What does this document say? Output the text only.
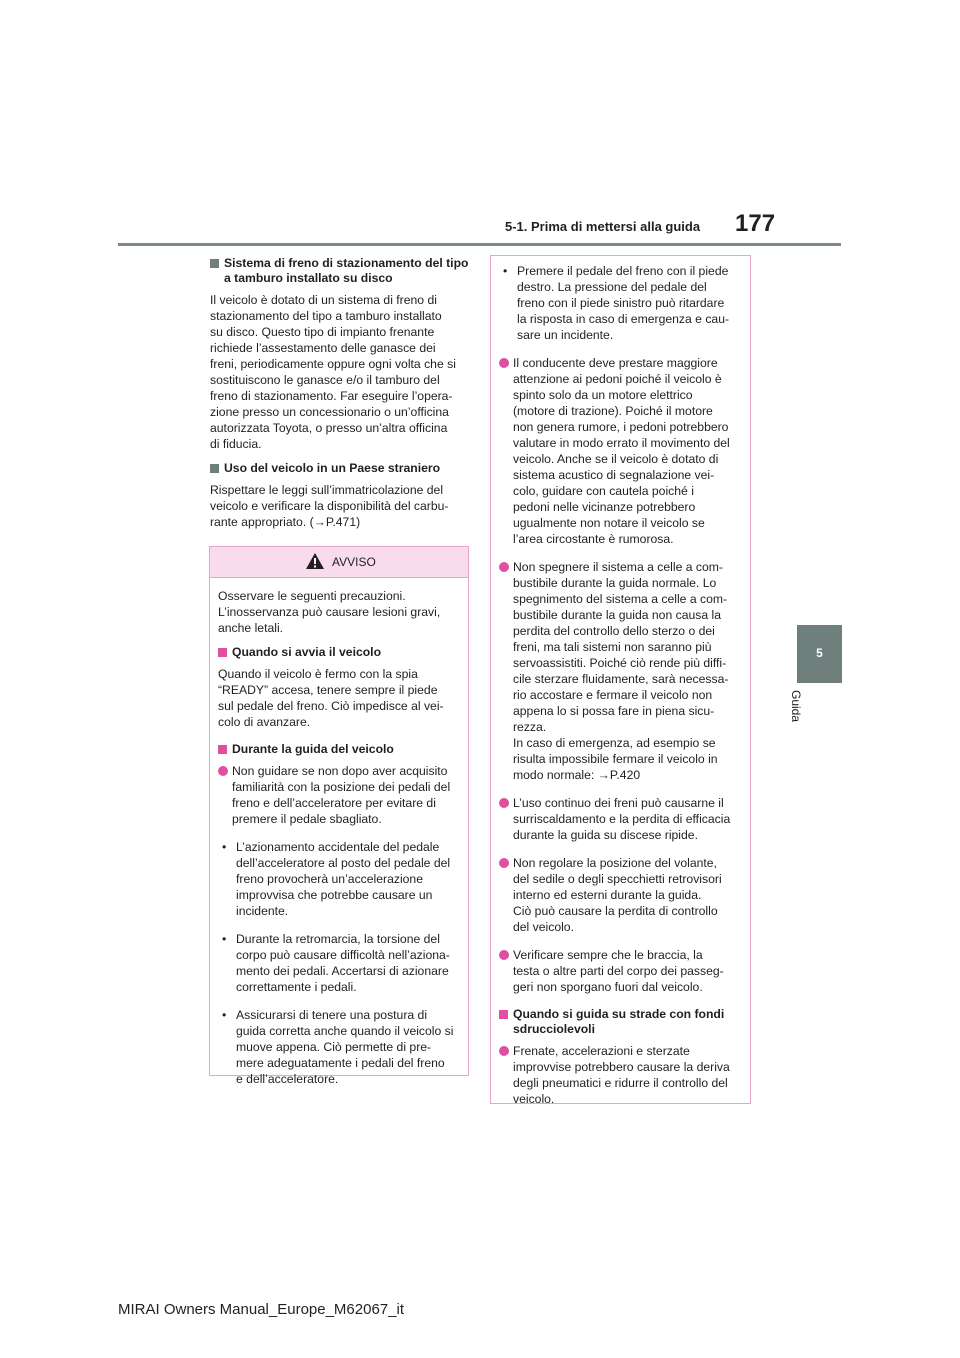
5-1. Prima di mettersi alla guida 177
5
Guida

Sistema di freno di stazionamento del tipo a tamburo installato su disco

Il veicolo è dotato di un sistema di freno di
stazionamento del tipo a tamburo installato
su disco. Questo tipo di impianto frenante
richiede l’assestamento delle ganasce dei
freni, periodicamente oppure ogni volta che si
sostituiscono le ganasce e/o il tamburo del
freno di stazionamento. Far eseguire l’opera-
zione presso un concessionario o un’officina
autorizzata Toyota, o presso un’altra officina
di fiducia.

Uso del veicolo in un Paese straniero

Rispettare le leggi sull’immatricolazione del
veicolo e verificare la disponibilità del carbu-
rante appropriato. (→P.471)
AVVISO
Osservare le seguenti precauzioni.
L’inosservanza può causare lesioni gravi,
anche letali.

Quando si avvia il veicolo

Quando il veicolo è fermo con la spia
“READY” accesa, tenere sempre il piede
sul pedale del freno. Ciò impedisce al vei-
colo di avanzare.

Durante la guida del veicolo

Non guidare se non dopo aver acquisito
familiarità con la posizione dei pedali del
freno e dell’acceleratore per evitare di
premere il pedale sbagliato.
• L’azionamento accidentale del pedale
dell’acceleratore al posto del pedale del
freno provocherà un’accelerazione
improvvisa che potrebbe causare un
incidente.
• Durante la retromarcia, la torsione del
corpo può causare difficoltà nell’aziona-
mento dei pedali. Accertarsi di azionare
correttamente i pedali.
• Assicurarsi di tenere una postura di
guida corretta anche quando il veicolo si
muove appena. Ciò permette di pre-
mere adeguatamente i pedali del freno
e dell’acceleratore.
• Premere il pedale del freno con il piede
destro. La pressione del pedale del
freno con il piede sinistro può ritardare
la risposta in caso di emergenza e cau-
sare un incidente.
Il conducente deve prestare maggiore
attenzione ai pedoni poiché il veicolo è
spinto solo da un motore elettrico
(motore di trazione). Poiché il motore
non genera rumore, i pedoni potrebbero
valutare in modo errato il movimento del
veicolo. Anche se il veicolo è dotato di
sistema acustico di segnalazione vei-
colo, guidare con cautela poiché i
pedoni nelle vicinanze potrebbero
ugualmente non notare il veicolo se
l’area circostante è rumorosa.
Non spegnere il sistema a celle a com-
bustibile durante la guida normale. Lo
spegnimento del sistema a celle a com-
bustibile durante la guida non causa la
perdita del controllo dello sterzo o dei
freni, ma tali sistemi non saranno più
servoassistiti. Poiché ciò rende più diffi-
cile sterzare fluidamente, sarà necessa-
rio accostare e fermare il veicolo non
appena lo si possa fare in piena sicu-
rezza.
In caso di emergenza, ad esempio se
risulta impossibile fermare il veicolo in
modo normale: →P.420
L’uso continuo dei freni può causarne il
surriscaldamento e la perdita di efficacia
durante la guida su discese ripide.
Non regolare la posizione del volante,
del sedile o degli specchietti retrovisori
interno ed esterni durante la guida.
Ciò può causare la perdita di controllo
del veicolo.
Verificare sempre che le braccia, la
testa o altre parti del corpo dei passeg-
geri non sporgano fuori dal veicolo.

Quando si guida su strade con fondi sdrucciolevoli

Frenate, accelerazioni e sterzate
improvvise potrebbero causare la deriva
degli pneumatici e ridurre il controllo del
veicolo.
MIRAI Owners Manual_Europe_M62067_it
